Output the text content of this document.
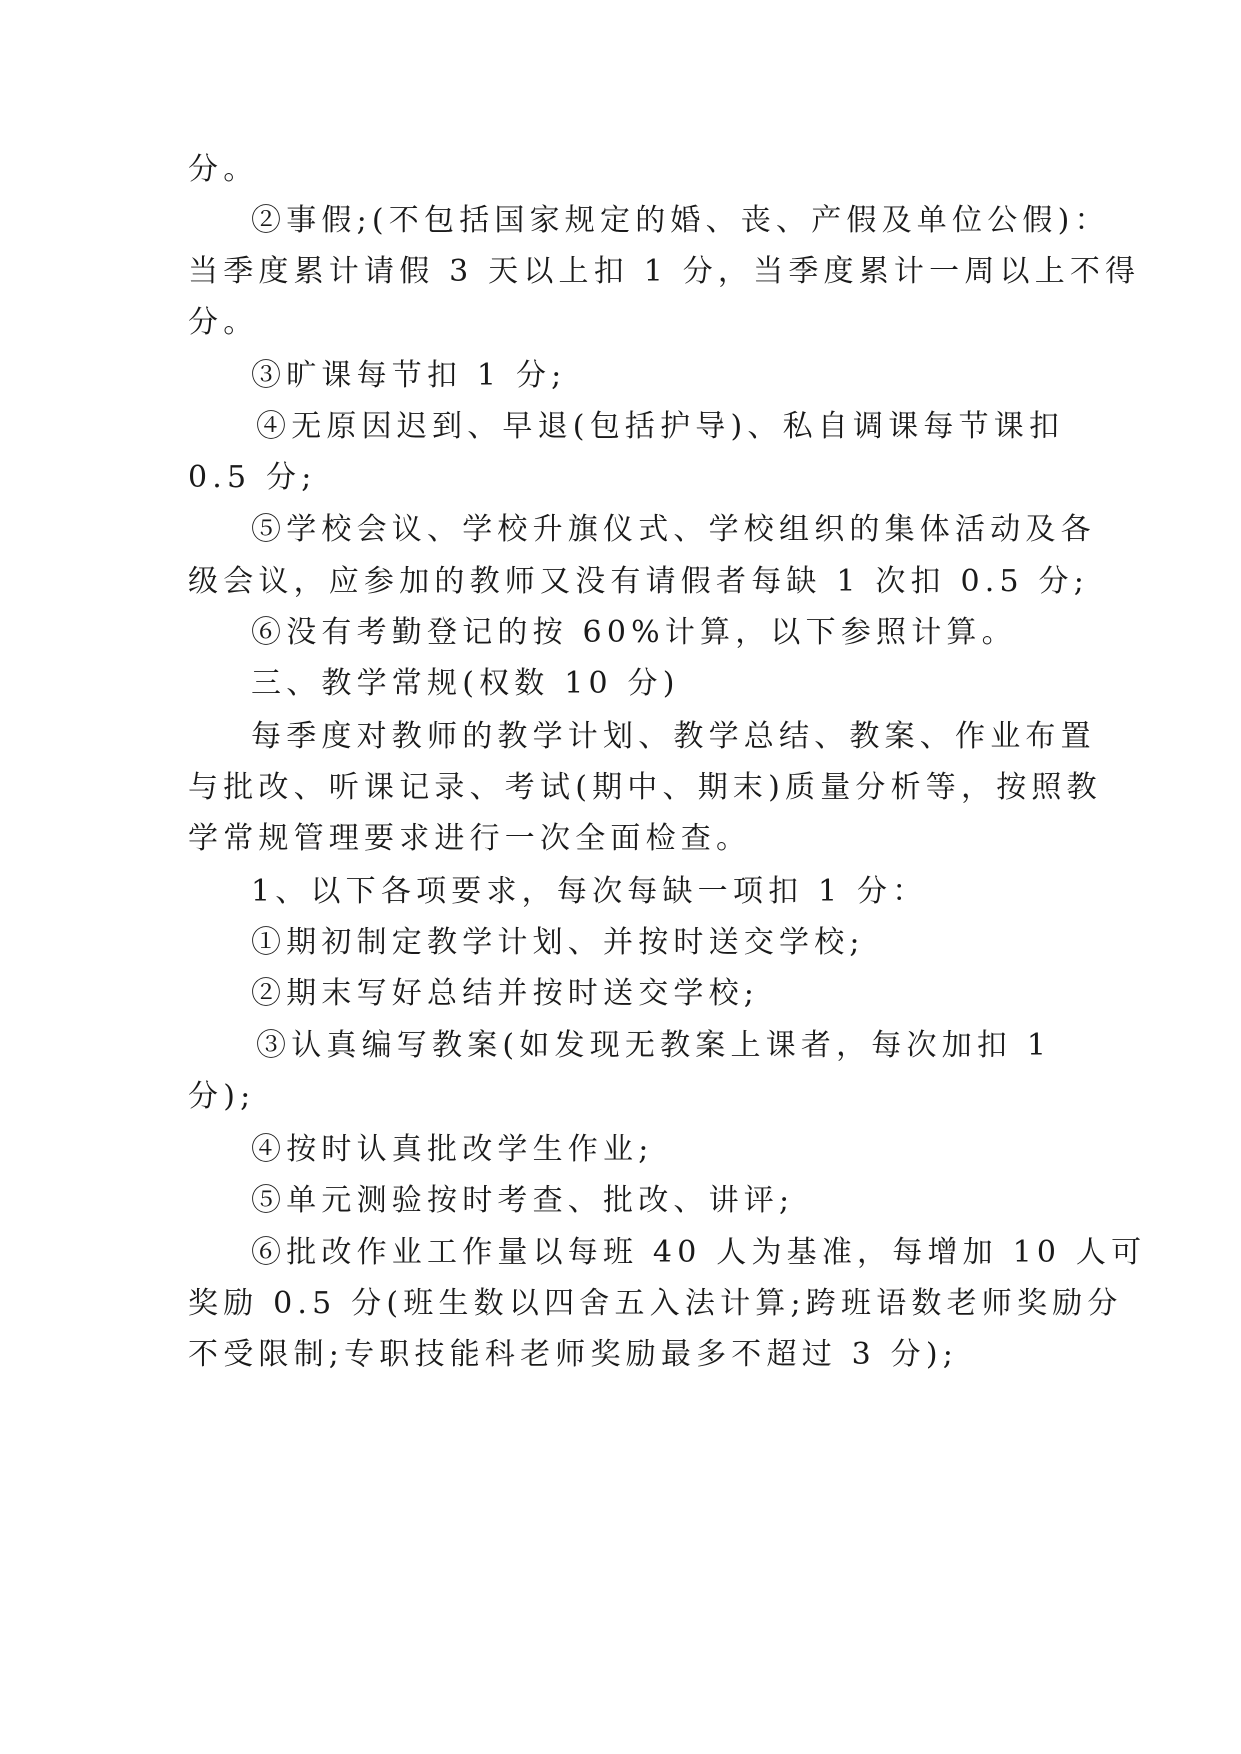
分。
②事假;(不包括国家规定的婚、丧、产假及单位公假)：
当季度累计请假 3 天以上扣 1 分，当季度累计一周以上不得
分。
③旷课每节扣 1 分;
④无原因迟到、早退(包括护导)、私自调课每节课扣
0.5 分;
⑤学校会议、学校升旗仪式、学校组织的集体活动及各
级会议，应参加的教师又没有请假者每缺 1 次扣 0.5 分;
⑥没有考勤登记的按 60%计算，以下参照计算。
三、教学常规(权数 10 分)
每季度对教师的教学计划、教学总结、教案、作业布置
与批改、听课记录、考试(期中、期末)质量分析等，按照教
学常规管理要求进行一次全面检查。
1、以下各项要求，每次每缺一项扣 1 分：
①期初制定教学计划、并按时送交学校;
②期末写好总结并按时送交学校;
③认真编写教案(如发现无教案上课者，每次加扣 1
分);
④按时认真批改学生作业;
⑤单元测验按时考查、批改、讲评;
⑥批改作业工作量以每班 40 人为基准，每增加 10 人可
奖励 0.5 分(班生数以四舍五入法计算;跨班语数老师奖励分
不受限制;专职技能科老师奖励最多不超过 3 分);
